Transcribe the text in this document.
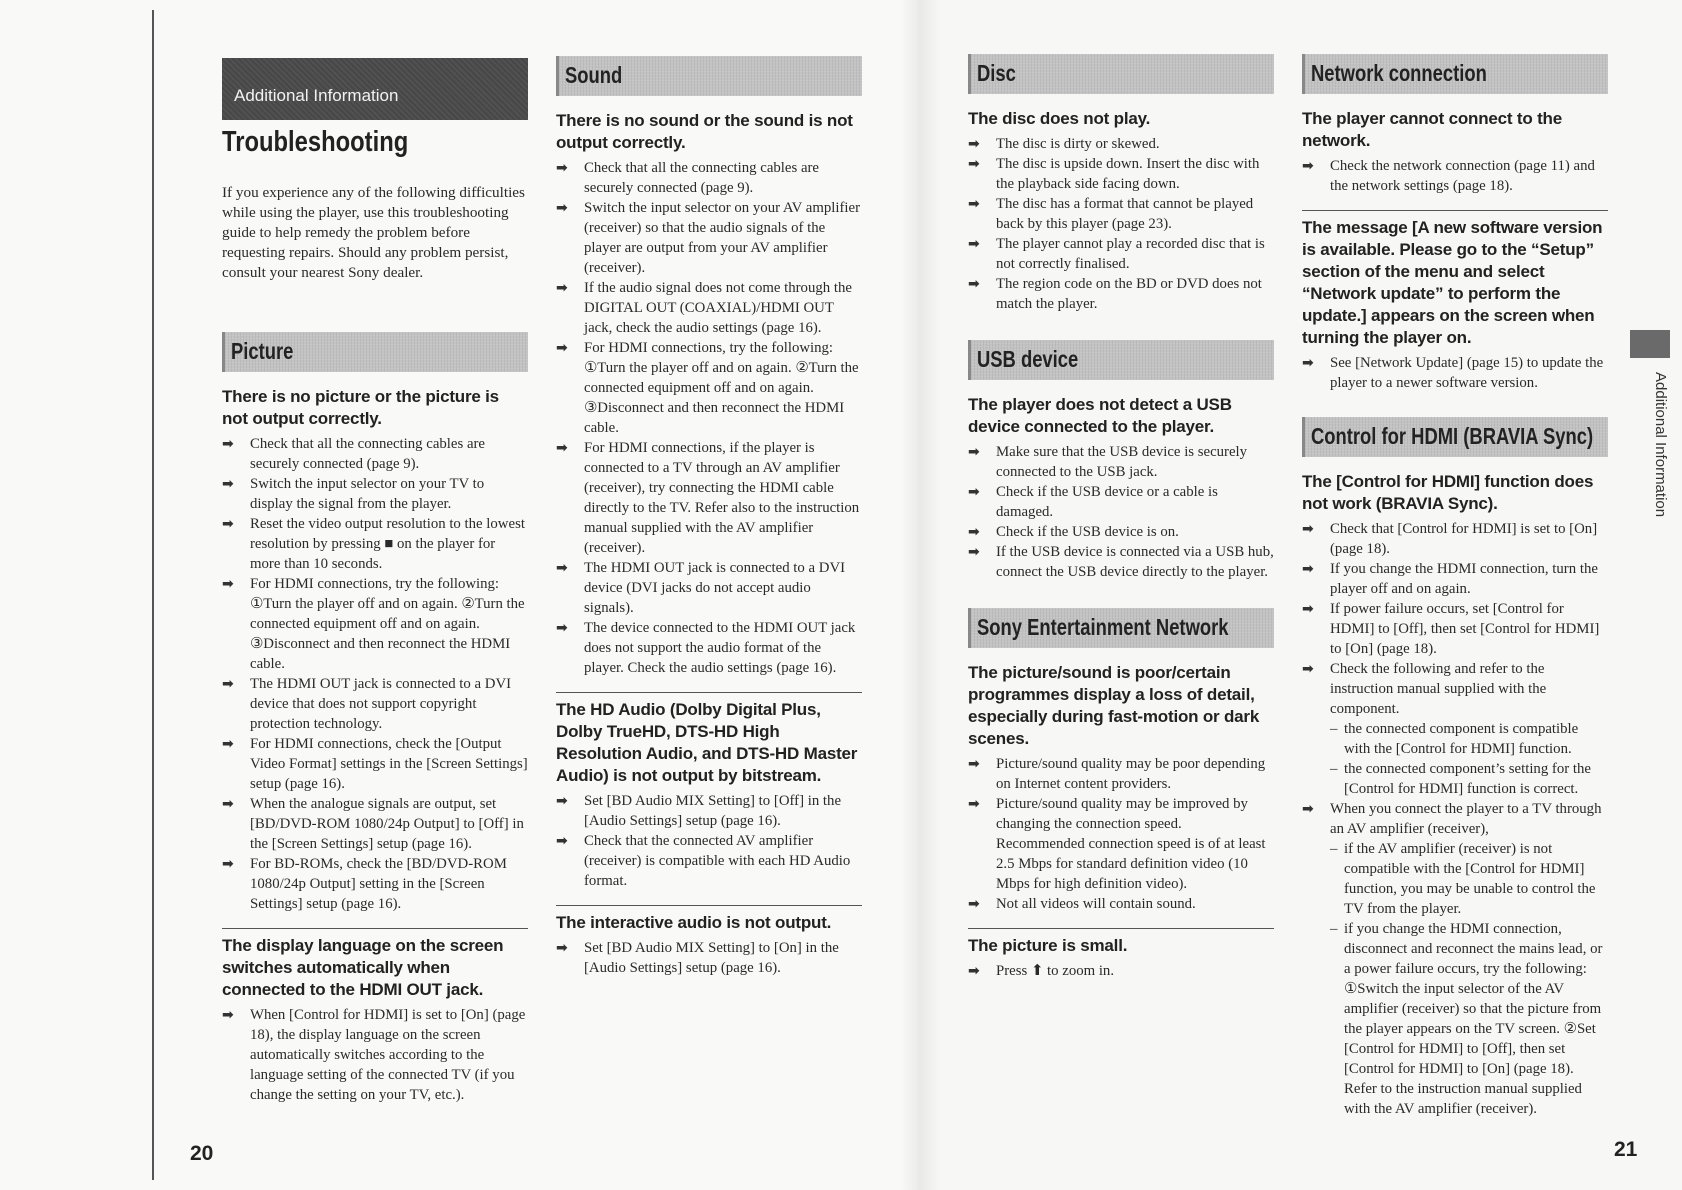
Additional Information
Troubleshooting
If you experience any of the following difficulties while using the player, use this troubleshooting guide to help remedy the problem before requesting repairs. Should any problem persist, consult your nearest Sony dealer.
Picture
There is no picture or the picture is not output correctly.
➡ Check that all the connecting cables are securely connected (page 9).
➡ Switch the input selector on your TV to display the signal from the player.
➡ Reset the video output resolution to the lowest resolution by pressing ■ on the player for more than 10 seconds.
➡ For HDMI connections, try the following: ①Turn the player off and on again. ②Turn the connected equipment off and on again. ③Disconnect and then reconnect the HDMI cable.
➡ The HDMI OUT jack is connected to a DVI device that does not support copyright protection technology.
➡ For HDMI connections, check the [Output Video Format] settings in the [Screen Settings] setup (page 16).
➡ When the analogue signals are output, set [BD/DVD-ROM 1080/24p Output] to [Off] in the [Screen Settings] setup (page 16).
➡ For BD-ROMs, check the [BD/DVD-ROM 1080/24p Output] setting in the [Screen Settings] setup (page 16).
The display language on the screen switches automatically when connected to the HDMI OUT jack.
➡ When [Control for HDMI] is set to [On] (page 18), the display language on the screen automatically switches according to the language setting of the connected TV (if you change the setting on your TV, etc.).
Sound
There is no sound or the sound is not output correctly.
➡ Check that all the connecting cables are securely connected (page 9).
➡ Switch the input selector on your AV amplifier (receiver) so that the audio signals of the player are output from your AV amplifier (receiver).
➡ If the audio signal does not come through the DIGITAL OUT (COAXIAL)/HDMI OUT jack, check the audio settings (page 16).
➡ For HDMI connections, try the following: ①Turn the player off and on again. ②Turn the connected equipment off and on again. ③Disconnect and then reconnect the HDMI cable.
➡ For HDMI connections, if the player is connected to a TV through an AV amplifier (receiver), try connecting the HDMI cable directly to the TV. Refer also to the instruction manual supplied with the AV amplifier (receiver).
➡ The HDMI OUT jack is connected to a DVI device (DVI jacks do not accept audio signals).
➡ The device connected to the HDMI OUT jack does not support the audio format of the player. Check the audio settings (page 16).
The HD Audio (Dolby Digital Plus, Dolby TrueHD, DTS-HD High Resolution Audio, and DTS-HD Master Audio) is not output by bitstream.
➡ Set [BD Audio MIX Setting] to [Off] in the [Audio Settings] setup (page 16).
➡ Check that the connected AV amplifier (receiver) is compatible with each HD Audio format.
The interactive audio is not output.
➡ Set [BD Audio MIX Setting] to [On] in the [Audio Settings] setup (page 16).
Disc
The disc does not play.
➡ The disc is dirty or skewed.
➡ The disc is upside down. Insert the disc with the playback side facing down.
➡ The disc has a format that cannot be played back by this player (page 23).
➡ The player cannot play a recorded disc that is not correctly finalised.
➡ The region code on the BD or DVD does not match the player.
USB device
The player does not detect a USB device connected to the player.
➡ Make sure that the USB device is securely connected to the USB jack.
➡ Check if the USB device or a cable is damaged.
➡ Check if the USB device is on.
➡ If the USB device is connected via a USB hub, connect the USB device directly to the player.
Sony Entertainment Network
The picture/sound is poor/certain programmes display a loss of detail, especially during fast-motion or dark scenes.
➡ Picture/sound quality may be poor depending on Internet content providers.
➡ Picture/sound quality may be improved by changing the connection speed. Recommended connection speed is of at least 2.5 Mbps for standard definition video (10 Mbps for high definition video).
➡ Not all videos will contain sound.
The picture is small.
➡ Press ⬆ to zoom in.
Network connection
The player cannot connect to the network.
➡ Check the network connection (page 11) and the network settings (page 18).
The message [A new software version is available. Please go to the “Setup” section of the menu and select “Network update” to perform the update.] appears on the screen when turning the player on.
➡ See [Network Update] (page 15) to update the player to a newer software version.
Control for HDMI (BRAVIA Sync)
The [Control for HDMI] function does not work (BRAVIA Sync).
➡ Check that [Control for HDMI] is set to [On] (page 18).
➡ If you change the HDMI connection, turn the player off and on again.
➡ If power failure occurs, set [Control for HDMI] to [Off], then set [Control for HDMI] to [On] (page 18).
➡ Check the following and refer to the instruction manual supplied with the component.
– the connected component is compatible with the [Control for HDMI] function.
– the connected component’s setting for the [Control for HDMI] function is correct.
➡ When you connect the player to a TV through an AV amplifier (receiver),
– if the AV amplifier (receiver) is not compatible with the [Control for HDMI] function, you may be unable to control the TV from the player.
– if you change the HDMI connection, disconnect and reconnect the mains lead, or a power failure occurs, try the following: ①Switch the input selector of the AV amplifier (receiver) so that the picture from the player appears on the TV screen. ②Set [Control for HDMI] to [Off], then set [Control for HDMI] to [On] (page 18). Refer to the instruction manual supplied with the AV amplifier (receiver).
Additional Information
20	21
